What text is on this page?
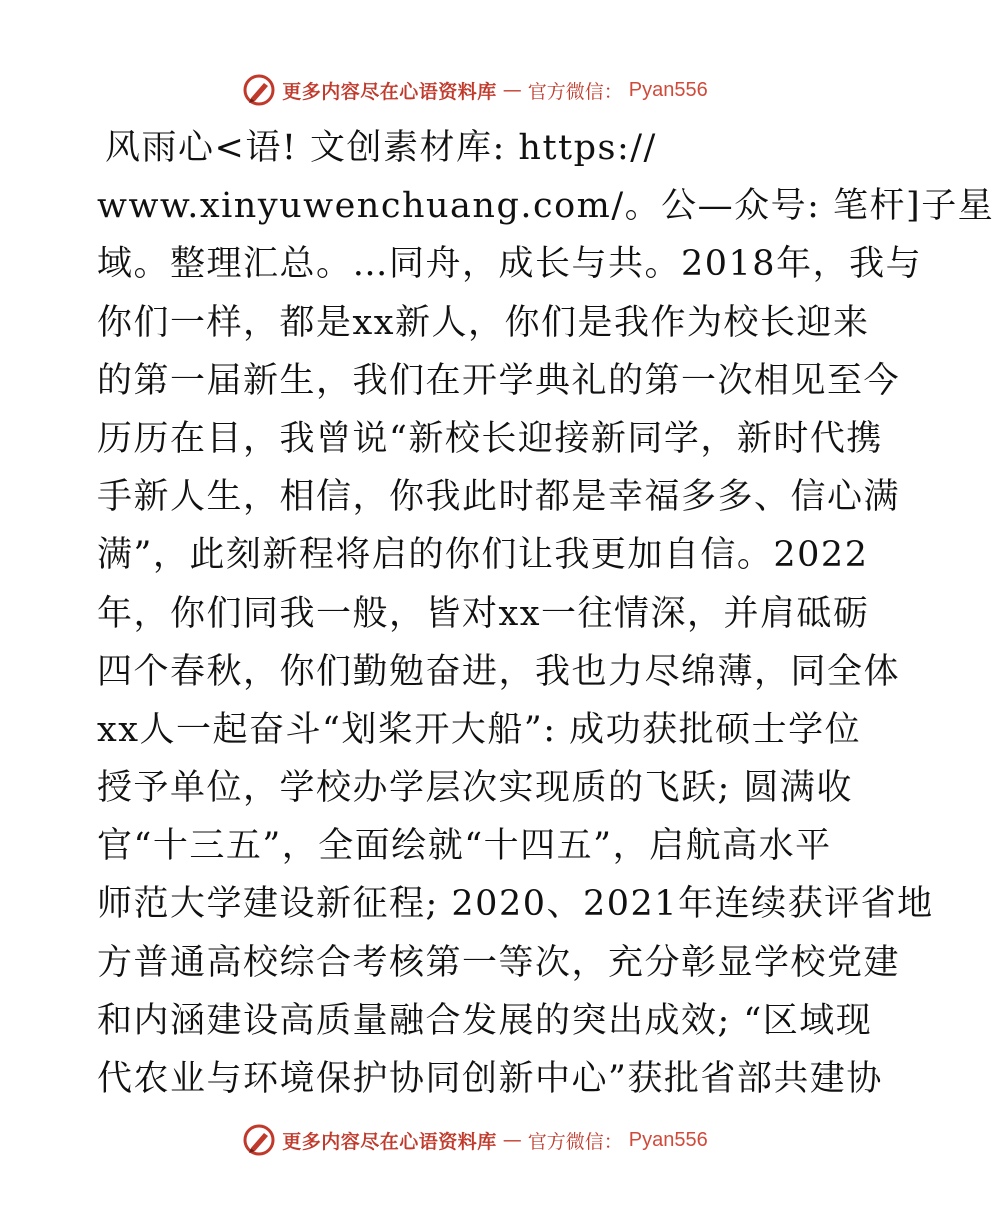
更多内容尽在心语资料库 — 官方微信： Pyan556
风雨心<语! 文创素材库: https://
www.xinyuwenchuang.com/。公—众号: 笔杆]子星
域。整理汇总。…同舟，成长与共。2018年，我与
你们一样，都是xx新人，你们是我作为校长迎来
的第一届新生，我们在开学典礼的第一次相见至今
历历在目，我曾说“新校长迎接新同学，新时代携
手新人生，相信，你我此时都是幸福多多、信心满
满”，此刻新程将启的你们让我更加自信。2022
年，你们同我一般，皆对xx一往情深，并肩砥砺
四个春秋，你们勤勉奋进，我也力尽绵薄，同全体
xx人一起奋斗“划桨开大船”: 成功获批硕士学位
授予单位，学校办学层次实现质的飞跃; 圆满收
官“十三五”，全面绘就“十四五”，启航高水平
师范大学建设新征程; 2020、2021年连续获评省地
方普通高校综合考核第一等次，充分彰显学校党建
和内涵建设高质量融合发展的突出成效; “区域现
代农业与环境保护协同创新中心”获批省部共建协
更多内容尽在心语资料库 — 官方微信： Pyan556
